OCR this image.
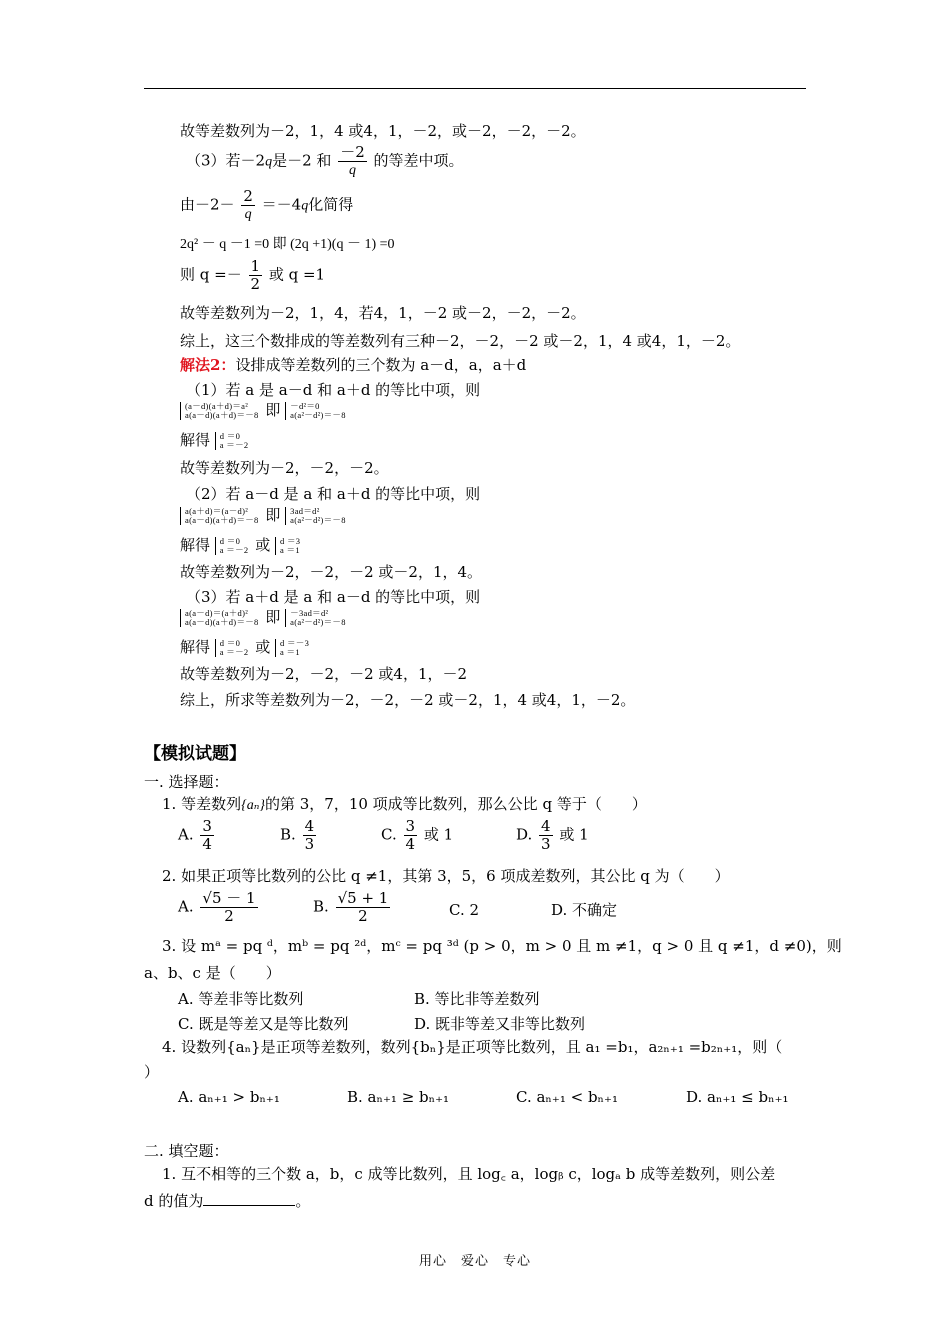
故等差数列为－2，1，4 或4，1，－2，或－2，－2，－2。
（3）若－2q是－2 和 $\frac{-2}{q}$ 的等差中项。
由$-2- \frac{2}{q} =-4q$化简得
2q² － q －1 =0 即 (2q +1)(q － 1) =0
则 $q =- \frac{1}{2}$ 或 q =1
故等差数列为－2，1，4，若4，1，－2 或－2，－2，－2。
综上，这三个数排成的等差数列有三种－2，－2，－2 或－2，1，4 或4，1，－2。
解法2：设排成等差数列的三个数为 a－d，a，a＋d
（1）若 a 是 a－d 和 a＋d 的等比中项，则
(a－d)(a＋d)＝a²
a(a－d)(a＋d)＝－8 即 －d²＝0
a(a²－d²)＝－8
解得 d ＝0
a ＝－2
故等差数列为－2，－2，－2。
（2）若 a－d 是 a 和 a＋d 的等比中项，则
a(a＋d)＝(a－d)²
a(a－d)(a＋d)＝－8 即 3ad＝d²
a(a²－d²)＝－8
解得 d ＝0
a ＝－2 或 d ＝3
a ＝1
故等差数列为－2，－2，－2 或－2，1，4。
（3）若 a＋d 是 a 和 a－d 的等比中项，则
a(a－d)＝(a＋d)²
a(a－d)(a＋d)＝－8 即 －3ad＝d²
a(a²－d²)＝－8
解得 d ＝0
a ＝－2 或 d ＝－3
a ＝1
故等差数列为－2，－2，－2 或4，1，－2
综上，所求等差数列为－2，－2，－2 或－2，1，4 或4，1，－2。
【模拟试题】
一. 选择题：
1. 等差数列{aₙ}的第 3，7，10 项成等比数列，那么公比 q 等于（　　）
A. $\frac{3}{4}$	B. $\frac{4}{3}$	C. $\frac{3}{4}$ 或 1	D. $\frac{4}{3}$ 或 1
2. 如果正项等比数列的公比 q ≠1，其第 3，5，6 项成差数列，其公比 q 为（　　）
A. $\frac{√5 - 1}{2}$	B. $\frac{√5 + 1}{2}$	C. 2	D. 不确定
3. 设 mᵃ = pq ᵈ，mᵇ = pq ²ᵈ，mᶜ = pq ³ᵈ (p > 0，m > 0 且 m ≠1，q > 0 且 q ≠1，d ≠0)，则
a、b、c 是（　　）
A. 等差非等比数列	B. 等比非等差数列
C. 既是等差又是等比数列	D. 既非等差又非等比数列
4. 设数列{aₙ}是正项等差数列，数列{bₙ}是正项等比数列，且 a₁ =b₁，a₂ₙ₊₁ =b₂ₙ₊₁，则（
）
A. aₙ₊₁ > bₙ₊₁	B. aₙ₊₁ ≥ bₙ₊₁	C. aₙ₊₁ < bₙ₊₁	D. aₙ₊₁ ≤ bₙ₊₁
二. 填空题：
1. 互不相等的三个数 a，b，c 成等比数列，且 log꜀ a，logᵦ c，logₐ b 成等差数列，则公差
d 的值为	。
用心　爱心　专心
